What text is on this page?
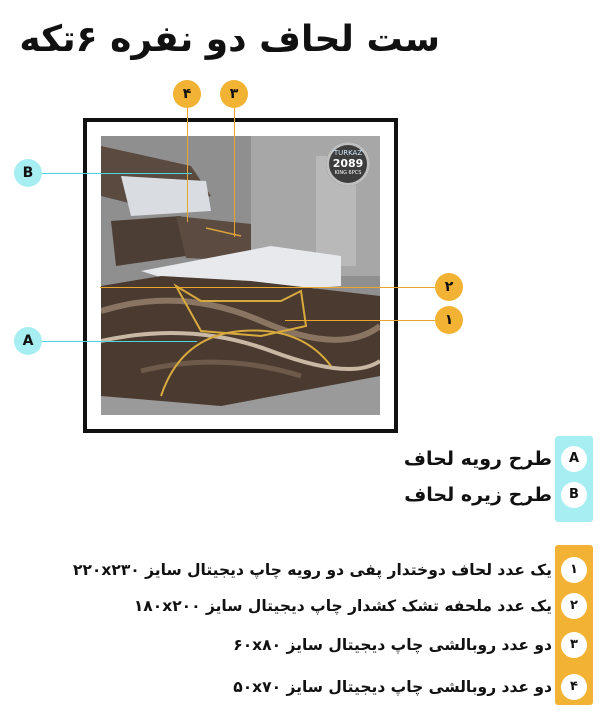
ست لحاف دو نفره ۶تکه
TURKAZ
2089
KING 6PCS
۴	۳
B
۲
۱
A
A
طرح رویه لحاف
B
طرح زیره لحاف
۱
یک عدد لحاف دوختدار پفی دو رویه چاپ دیجیتال سایز ۲۲۰x۲۳۰
۲
یک عدد ملحفه تشک کشدار چاپ دیجیتال سایز ۱۸۰x۲۰۰
۳
دو عدد روبالشی چاپ دیجیتال سایز ۶۰x۸۰
۴
دو عدد روبالشی چاپ دیجیتال سایز ۵۰x۷۰
